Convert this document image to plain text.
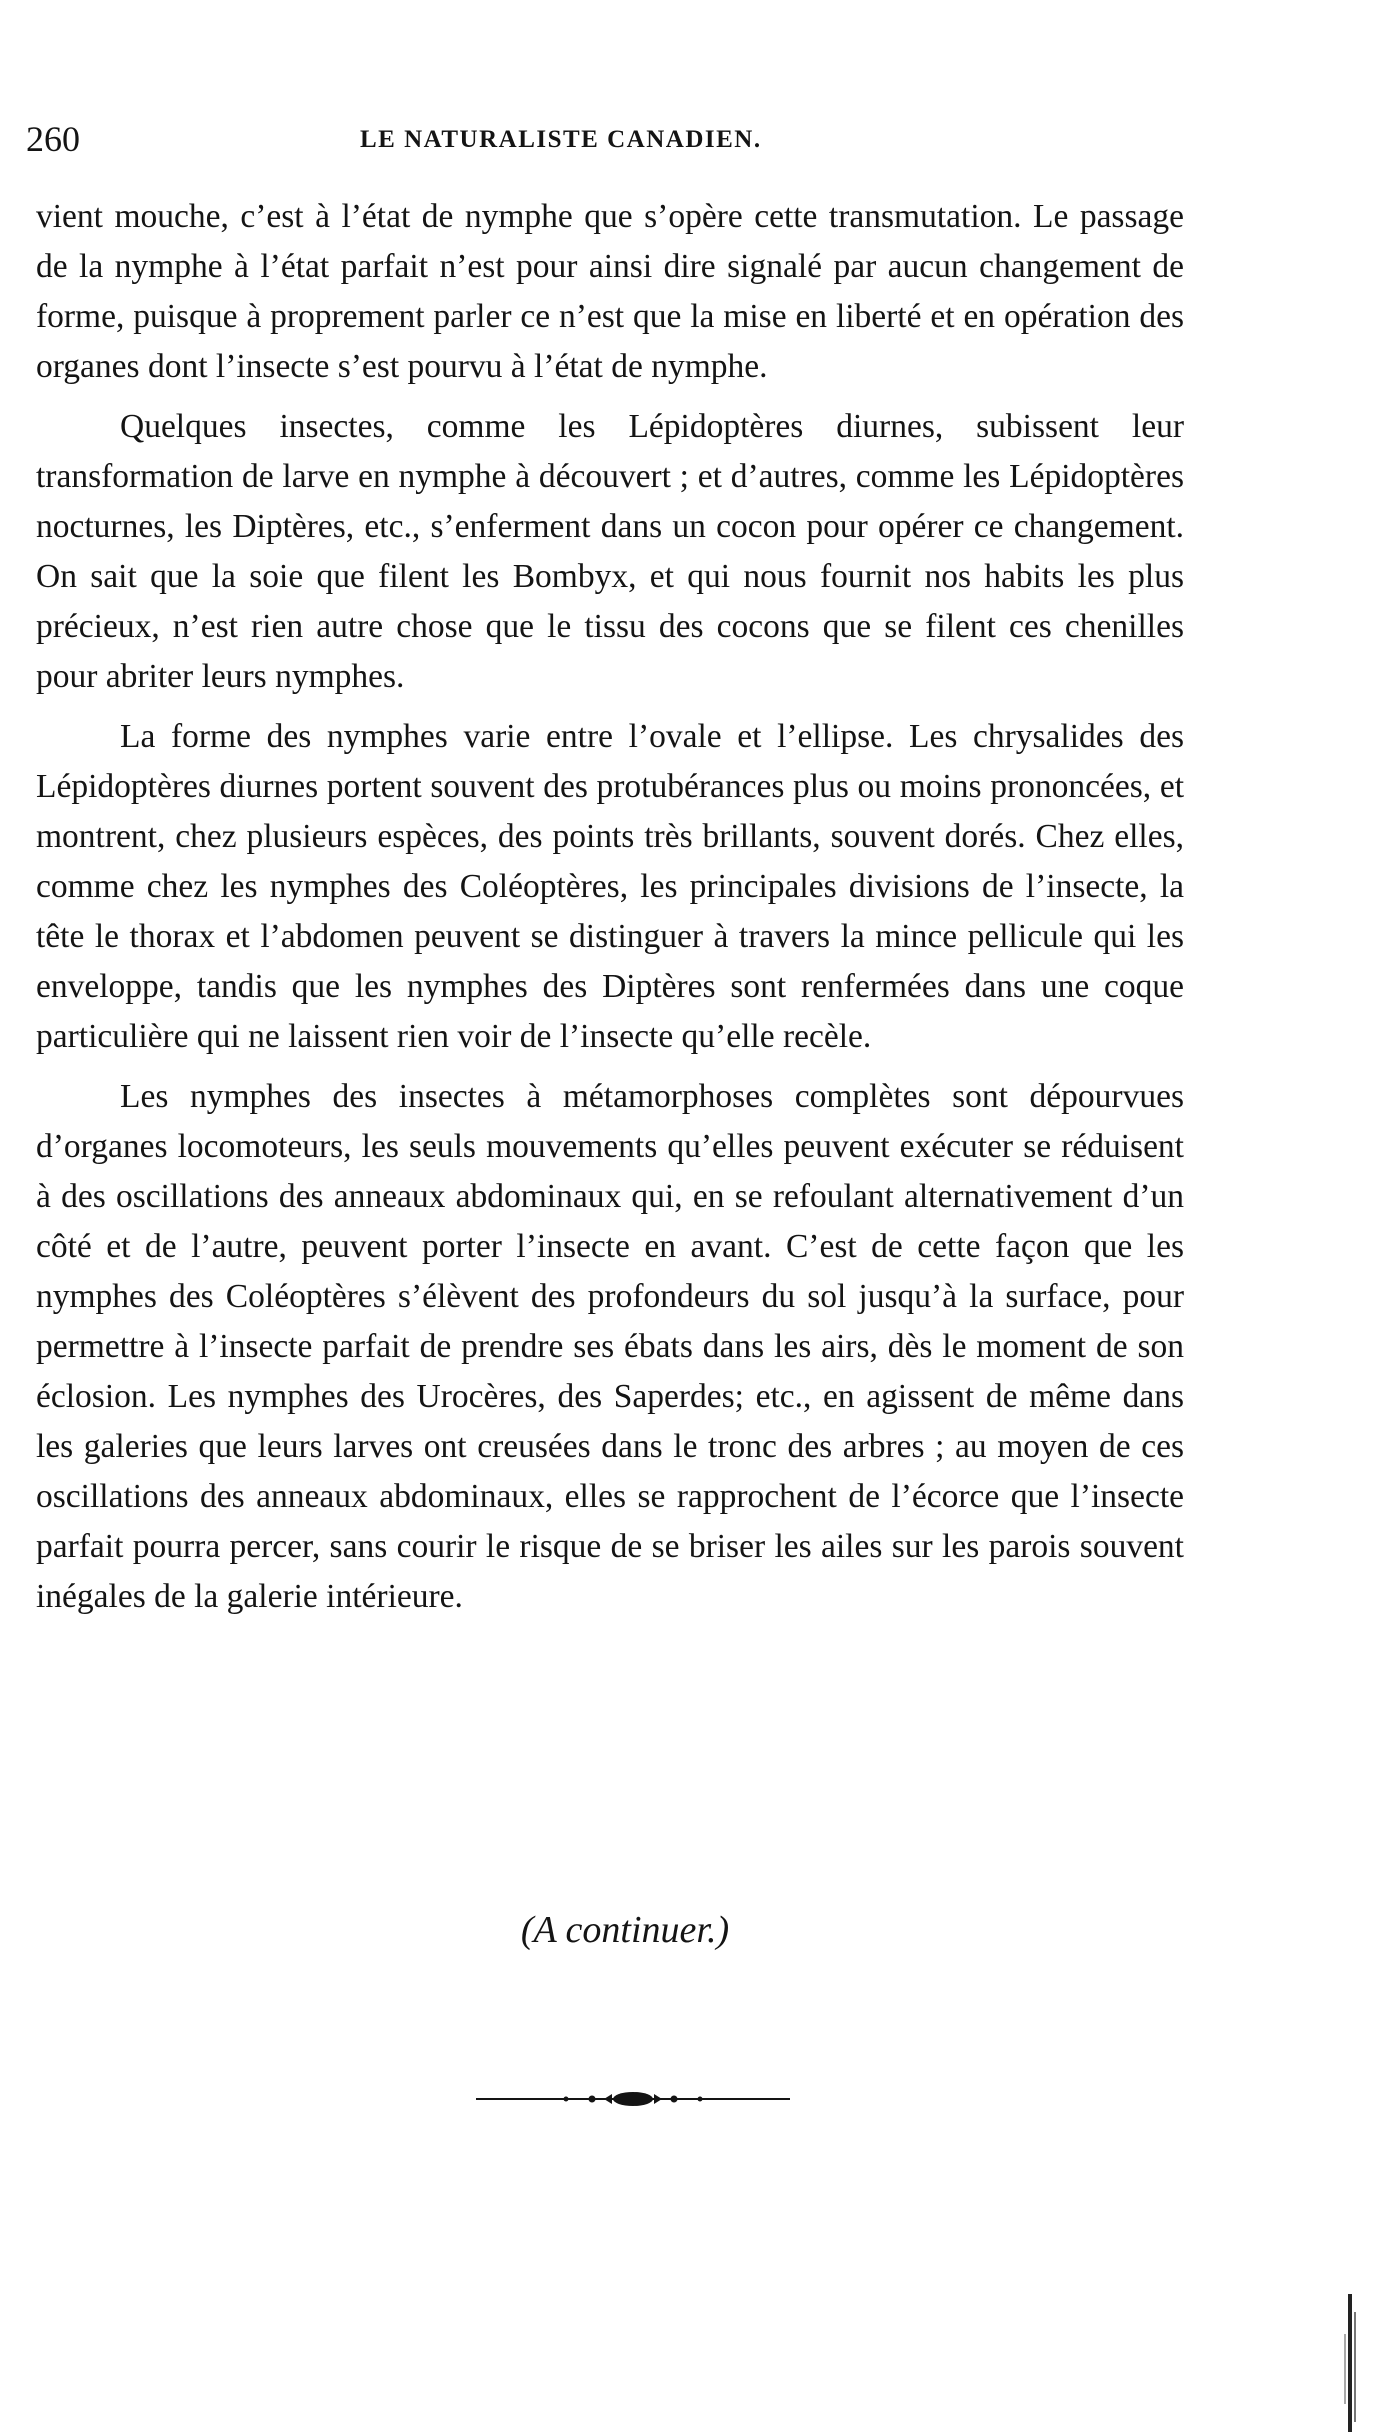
260	LE NATURALISTE CANADIEN.

vient mouche, c’est à l’état de nymphe que s’opère cette transmutation. Le passage de la nymphe à l’état parfait n’est pour ainsi dire signalé par aucun changement de forme, puisque à proprement parler ce n’est que la mise en liberté et en opération des organes dont l’insecte s’est pourvu à l’état de nymphe.

Quelques insectes, comme les Lépidoptères diurnes, subissent leur transformation de larve en nymphe à découvert ; et d’autres, comme les Lépidoptères nocturnes, les Diptères, etc., s’enferment dans un cocon pour opérer ce changement. On sait que la soie que filent les Bombyx, et qui nous fournit nos habits les plus précieux, n’est rien autre chose que le tissu des cocons que se filent ces chenilles pour abriter leurs nymphes.

La forme des nymphes varie entre l’ovale et l’ellipse. Les chrysalides des Lépidoptères diurnes portent souvent des protubérances plus ou moins prononcées, et montrent, chez plusieurs espèces, des points très brillants, souvent dorés. Chez elles, comme chez les nymphes des Coléoptères, les principales divisions de l’insecte, la tête le thorax et l’abdomen peuvent se distinguer à travers la mince pellicule qui les enveloppe, tandis que les nymphes des Diptères sont renfermées dans une coque particulière qui ne laissent rien voir de l’insecte qu’elle recèle.

Les nymphes des insectes à métamorphoses complètes sont dépourvues d’organes locomoteurs, les seuls mouvements qu’elles peuvent exécuter se réduisent à des oscillations des anneaux abdominaux qui, en se refoulant alternativement d’un côté et de l’autre, peuvent porter l’insecte en avant. C’est de cette façon que les nymphes des Coléoptères s’élèvent des profondeurs du sol jusqu’à la surface, pour permettre à l’insecte parfait de prendre ses ébats dans les airs, dès le moment de son éclosion. Les nymphes des Urocères, des Saperdes; etc., en agissent de même dans les galeries que leurs larves ont creusées dans le tronc des arbres ; au moyen de ces oscillations des anneaux abdominaux, elles se rapprochent de l’écorce que l’insecte parfait pourra percer, sans courir le risque de se briser les ailes sur les parois souvent inégales de la galerie intérieure.

(A continuer.)
